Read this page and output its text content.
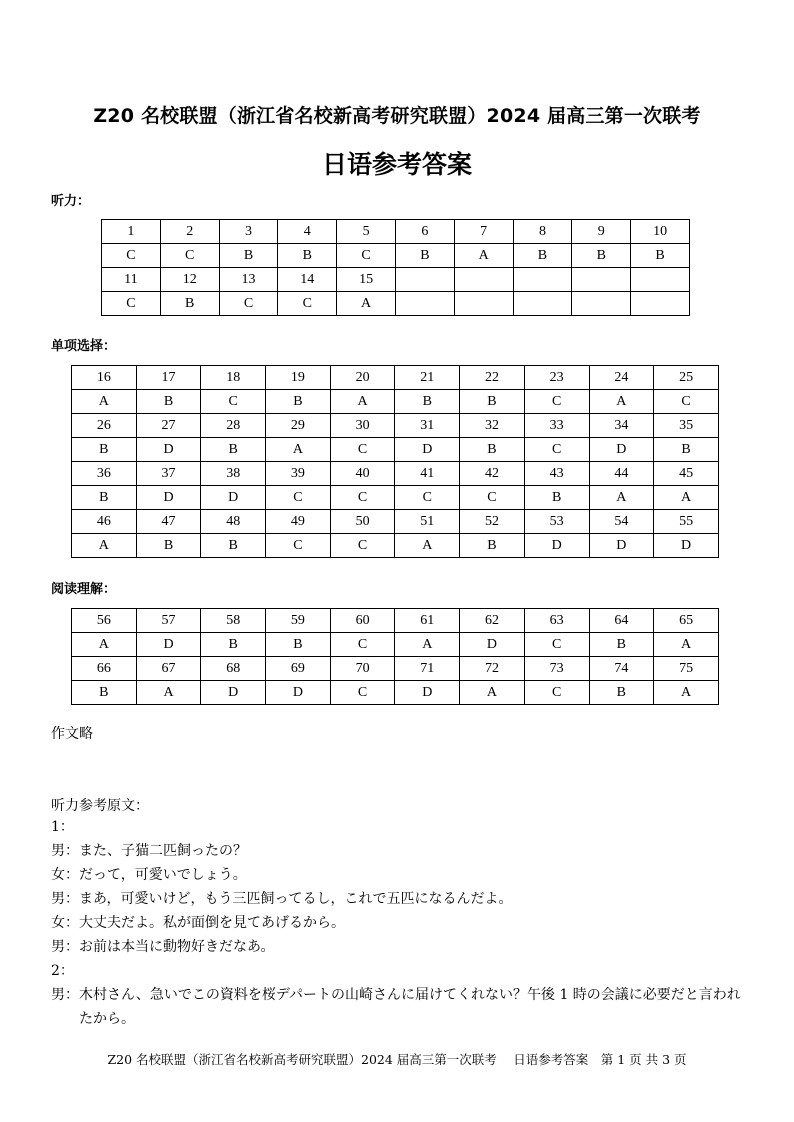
Z20 名校联盟（浙江省名校新高考研究联盟）2024 届高三第一次联考
日语参考答案
听力：
1	2	3	4	5	6	7	8	9	10
C	C	B	B	C	B	A	B	B	B
11	12	13	14	15					
C	B	C	C	A					
单项选择：
16	17	18	19	20	21	22	23	24	25
A	B	C	B	A	B	B	C	A	C
26	27	28	29	30	31	32	33	34	35
B	D	B	A	C	D	B	C	D	B
36	37	38	39	40	41	42	43	44	45
B	D	D	C	C	C	C	B	A	A
46	47	48	49	50	51	52	53	54	55
A	B	B	C	C	A	B	D	D	D
阅读理解：
56	57	58	59	60	61	62	63	64	65
A	D	B	B	C	A	D	C	B	A
66	67	68	69	70	71	72	73	74	75
B	A	D	D	C	D	A	C	B	A
作文略
听力参考原文：
1：
男： また、子猫二匹飼ったの？
女： だって，可愛いでしょう。
男： まあ，可愛いけど，もう三匹飼ってるし，これで五匹になるんだよ。
女： 大丈夫だよ。私が面倒を見てあげるから。
男： お前は本当に動物好きだなあ。
2：
男： 木村さん、急いでこの資料を桜デパートの山崎さんに届けてくれない？午後 1 時の会議に必要だと言われたから。
Z20 名校联盟（浙江省名校新高考研究联盟）2024 届高三第一次联考　 日语参考答案　第 1 页 共 3 页
